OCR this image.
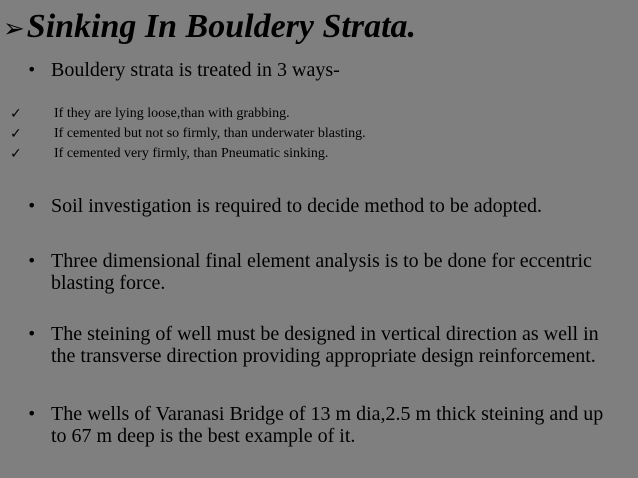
➢ Sinking In Bouldery Strata.
• Bouldery strata is treated in 3 ways-
✓	If they are lying loose,than with grabbing.
✓	If cemented but not so firmly, than underwater blasting.
✓	If cemented very firmly, than Pneumatic sinking.
• Soil investigation is required to decide method to be adopted.
• Three dimensional final element analysis is to be done for eccentric
blasting force.
• The steining of well must be designed in vertical direction as well in
the transverse direction providing appropriate design reinforcement.
• The wells of Varanasi Bridge of 13 m dia,2.5 m thick steining and up
to 67 m deep is the best example of it.
